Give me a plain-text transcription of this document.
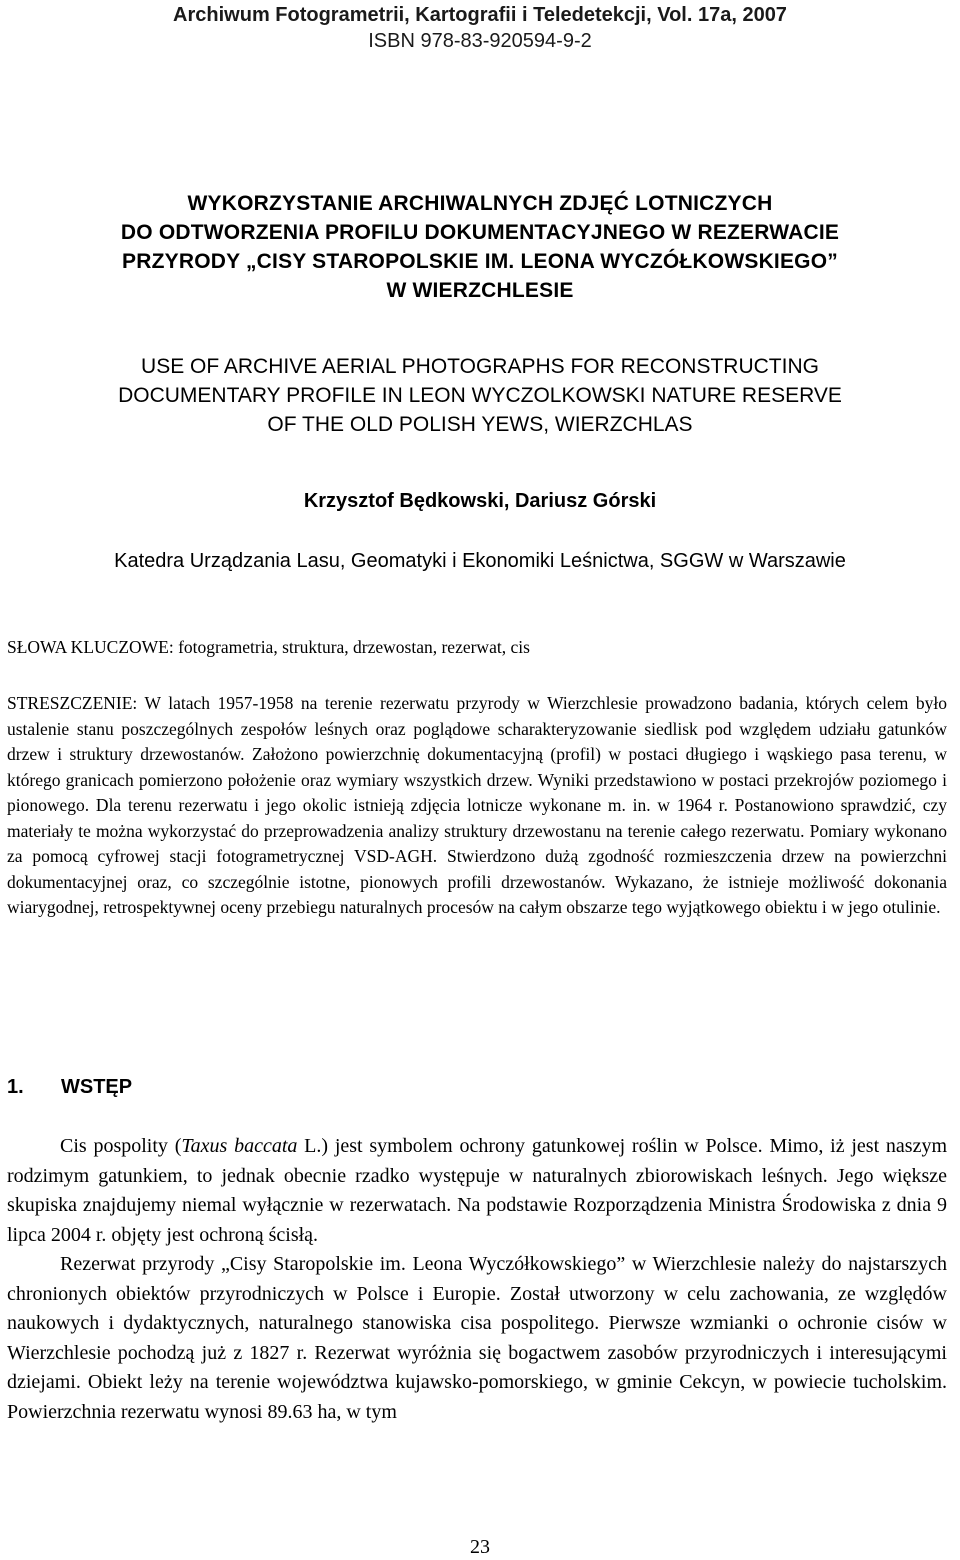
Archiwum Fotogrametrii, Kartografii i Teledetekcji, Vol. 17a, 2007
ISBN 978-83-920594-9-2
WYKORZYSTANIE ARCHIWALNYCH ZDJĘĆ LOTNICZYCH
DO ODTWORZENIA PROFILU DOKUMENTACYJNEGO W REZERWACIE
PRZYRODY „CISY STAROPOLSKIE IM. LEONA WYCZÓŁKOWSKIEGO”
W WIERZCHLESIE
USE OF ARCHIVE AERIAL PHOTOGRAPHS FOR RECONSTRUCTING
DOCUMENTARY PROFILE IN LEON WYCZOLKOWSKI NATURE RESERVE
OF THE OLD POLISH YEWS, WIERZCHLAS
Krzysztof Będkowski, Dariusz Górski
Katedra Urządzania Lasu, Geomatyki i Ekonomiki Leśnictwa, SGGW w Warszawie
SŁOWA KLUCZOWE: fotogrametria, struktura, drzewostan, rezerwat, cis
STRESZCZENIE: W latach 1957-1958 na terenie rezerwatu przyrody w Wierzchlesie prowadzono badania, których celem było ustalenie stanu poszczególnych zespołów leśnych oraz poglądowe scharakteryzowanie siedlisk pod względem udziału gatunków drzew i struktury drzewostanów. Założono powierzchnię dokumentacyjną (profil) w postaci długiego i wąskiego pasa terenu, w którego granicach pomierzono położenie oraz wymiary wszystkich drzew. Wyniki przedstawiono w postaci przekrojów poziomego i pionowego. Dla terenu rezerwatu i jego okolic istnieją zdjęcia lotnicze wykonane m. in. w 1964 r. Postanowiono sprawdzić, czy materiały te można wykorzystać do przeprowadzenia analizy struktury drzewostanu na terenie całego rezerwatu. Pomiary wykonano za pomocą cyfrowej stacji fotogrametrycznej VSD-AGH. Stwierdzono dużą zgodność rozmieszczenia drzew na powierzchni dokumentacyjnej oraz, co szczególnie istotne, pionowych profili drzewostanów. Wykazano, że istnieje możliwość dokonania wiarygodnej, retrospektywnej oceny przebiegu naturalnych procesów na całym obszarze tego wyjątkowego obiektu i w jego otulinie.
1. WSTĘP

Cis pospolity (Taxus baccata L.) jest symbolem ochrony gatunkowej roślin w Polsce. Mimo, iż jest naszym rodzimym gatunkiem, to jednak obecnie rzadko występuje w naturalnych zbiorowiskach leśnych. Jego większe skupiska znajdujemy niemal wyłącznie w rezerwatach. Na podstawie Rozporządzenia Ministra Środowiska z dnia 9 lipca 2004 r. objęty jest ochroną ścisłą.

Rezerwat przyrody „Cisy Staropolskie im. Leona Wyczółkowskiego” w Wierzchlesie należy do najstarszych chronionych obiektów przyrodniczych w Polsce i Europie. Został utworzony w celu zachowania, ze względów naukowych i dydaktycznych, naturalnego stanowiska cisa pospolitego. Pierwsze wzmianki o ochronie cisów w Wierzchlesie pochodzą już z 1827 r. Rezerwat wyróżnia się bogactwem zasobów przyrodniczych i interesującymi dziejami. Obiekt leży na terenie województwa kujawsko-pomorskiego, w gminie Cekcyn, w powiecie tucholskim. Powierzchnia rezerwatu wynosi 89.63 ha, w tym

23
